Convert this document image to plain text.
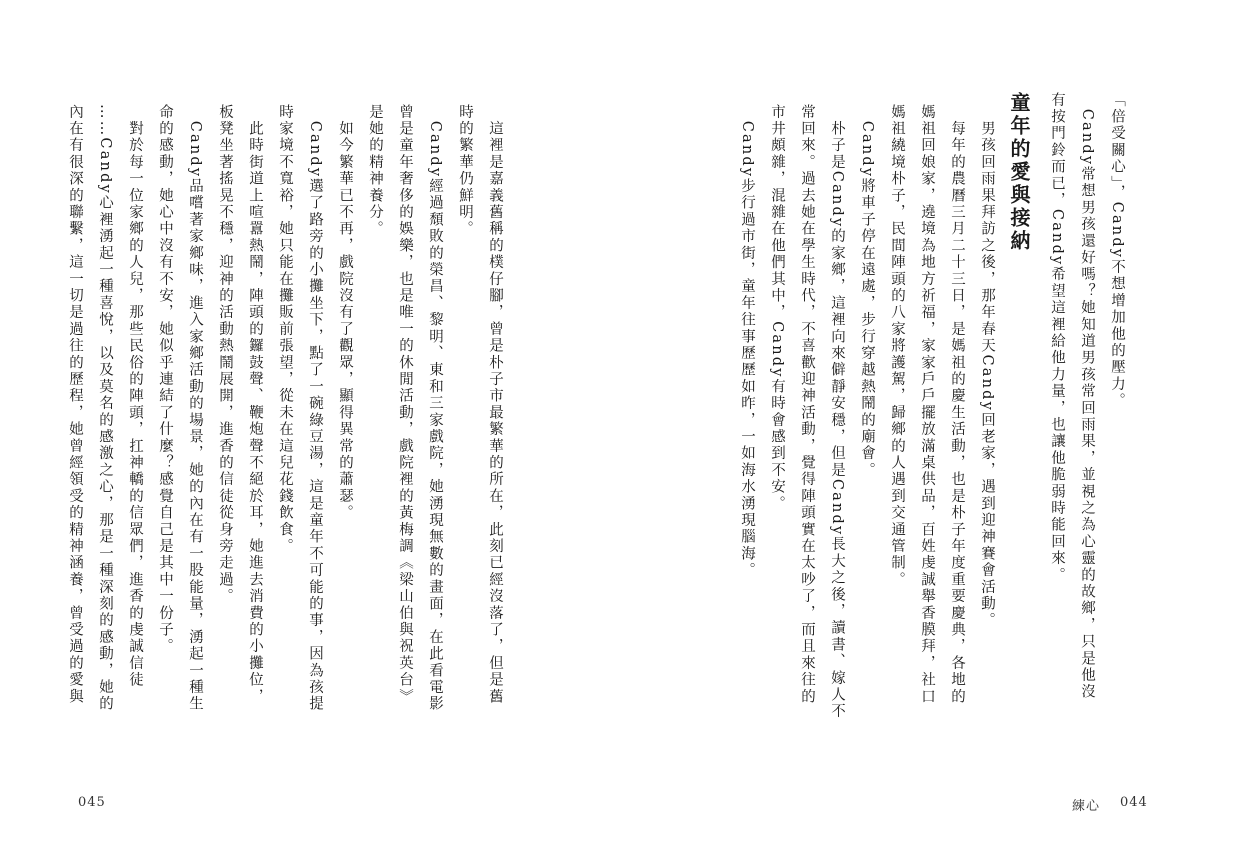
　這裡是嘉義舊稱的樸仔腳，曾是朴子市最繁華的所在，此刻已經沒落了，但是舊
時的繁華仍鮮明。
　Candy經過頹敗的榮昌、黎明、東和三家戲院，她湧現無數的畫面，在此看電影
曾是童年奢侈的娛樂，也是唯一的休閒活動，戲院裡的黃梅調《梁山伯與祝英台》
是她的精神養分。
　如今繁華已不再，戲院沒有了觀眾，顯得異常的蕭瑟。
　Candy選了路旁的小攤坐下，點了一碗綠豆湯，這是童年不可能的事，因為孩提
時家境不寬裕，她只能在攤販前張望，從未在這兒花錢飲食。
　此時街道上喧囂熱鬧，陣頭的鑼鼓聲、鞭炮聲不絕於耳，她進去消費的小攤位，
板凳坐著搖晃不穩，迎神的活動熱鬧展開，進香的信徒從身旁走過。
　Candy品嚐著家鄉味，進入家鄉活動的場景，她的內在有一股能量，湧起一種生
命的感動，她心中沒有不安，她似乎連結了什麼？感覺自己是其中一份子。
　對於每一位家鄉的人兒，那些民俗的陣頭，扛神轎的信眾們，進香的虔誠信徒
……Candy心裡湧起一種喜悅，以及莫名的感激之心，那是一種深刻的感動，她的
內在有很深的聯繫，這一切是過往的歷程，她曾經領受的精神涵養，曾受過的愛與
045
「倍受關心」，Candy不想增加他的壓力。
　Candy常想男孩還好嗎？她知道男孩常回雨果，並視之為心靈的故鄉，只是他沒
有按門鈴而已，Candy希望這裡給他力量，也讓他脆弱時能回來。
童年的愛與接納
　男孩回雨果拜訪之後，那年春天Candy回老家，遇到迎神賽會活動。
　每年的農曆三月二十三日，是媽祖的慶生活動，也是朴子年度重要慶典，各地的
媽祖回娘家，遶境為地方祈福，家家戶戶擺放滿桌供品，百姓虔誠舉香膜拜，社口
媽祖繞境朴子，民間陣頭的八家將護駕，歸鄉的人遇到交通管制。
　Candy將車子停在遠處，步行穿越熱鬧的廟會。
　朴子是Candy的家鄉，這裡向來僻靜安穩，但是Candy長大之後，讀書、嫁人不
常回來。過去她在學生時代，不喜歡迎神活動，覺得陣頭實在太吵了，而且來往的
市井頗雜，混雜在他們其中，Candy有時會感到不安。
　Candy步行過市街，童年往事歷歷如昨，一如海水湧現腦海。
練心 044
